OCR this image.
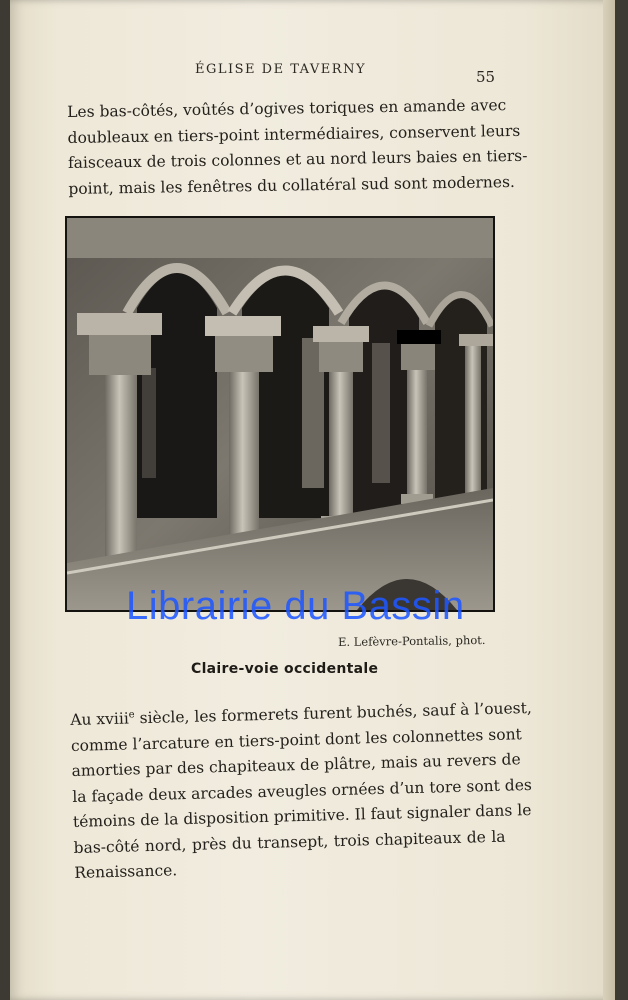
ÉGLISE DE TAVERNY	55
Les bas-côtés, voûtés d’ogives toriques en amande avec
doubleaux en tiers-point intermédiaires, conservent leurs
faisceaux de trois colonnes et au nord leurs baies en tiers-
point, mais les fenêtres du collatéral sud sont modernes.
E. Lefèvre-Pontalis, phot.
Claire-voie occidentale
Au xviii$^e$ siècle, les formerets furent buchés, sauf à l’ouest,
comme l’arcature en tiers-point dont les colonnettes sont
amorties par des chapiteaux de plâtre, mais au revers de
la façade deux arcades aveugles ornées d’un tore sont des
témoins de la disposition primitive. Il faut signaler dans le
bas-côté nord, près du transept, trois chapiteaux de la
Renaissance.
Librairie du Bassin
